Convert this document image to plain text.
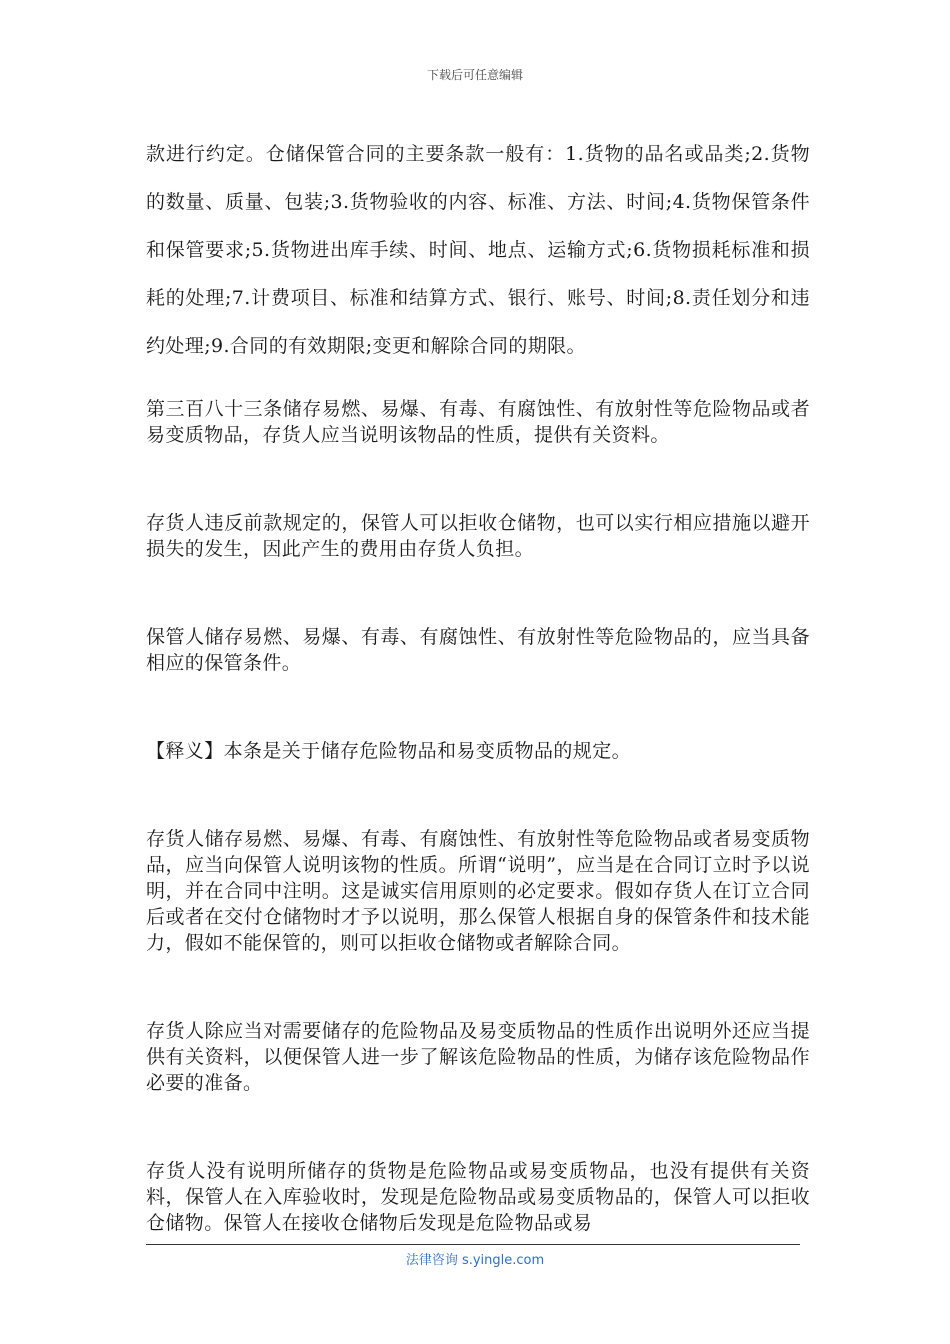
下载后可任意编辑

款进行约定。仓储保管合同的主要条款一般有：1.货物的品名或品类;2.货物的数量、质量、包装;3.货物验收的内容、标准、方法、时间;4.货物保管条件和保管要求;5.货物进出库手续、时间、地点、运输方式;6.货物损耗标准和损耗的处理;7.计费项目、标准和结算方式、银行、账号、时间;8.责任划分和违约处理;9.合同的有效期限;变更和解除合同的期限。

第三百八十三条储存易燃、易爆、有毒、有腐蚀性、有放射性等危险物品或者易变质物品，存货人应当说明该物品的性质，提供有关资料。

存货人违反前款规定的，保管人可以拒收仓储物，也可以实行相应措施以避开损失的发生，因此产生的费用由存货人负担。

保管人储存易燃、易爆、有毒、有腐蚀性、有放射性等危险物品的，应当具备相应的保管条件。

【释义】本条是关于储存危险物品和易变质物品的规定。

存货人储存易燃、易爆、有毒、有腐蚀性、有放射性等危险物品或者易变质物品，应当向保管人说明该物的性质。所谓“说明”，应当是在合同订立时予以说明，并在合同中注明。这是诚实信用原则的必定要求。假如存货人在订立合同后或者在交付仓储物时才予以说明，那么保管人根据自身的保管条件和技术能力，假如不能保管的，则可以拒收仓储物或者解除合同。

存货人除应当对需要储存的危险物品及易变质物品的性质作出说明外还应当提供有关资料，以便保管人进一步了解该危险物品的性质，为储存该危险物品作必要的准备。

存货人没有说明所储存的货物是危险物品或易变质物品，也没有提供有关资料，保管人在入库验收时，发现是危险物品或易变质物品的，保管人可以拒收仓储物。保管人在接收仓储物后发现是危险物品或易

法律咨询 s.yingle.com
